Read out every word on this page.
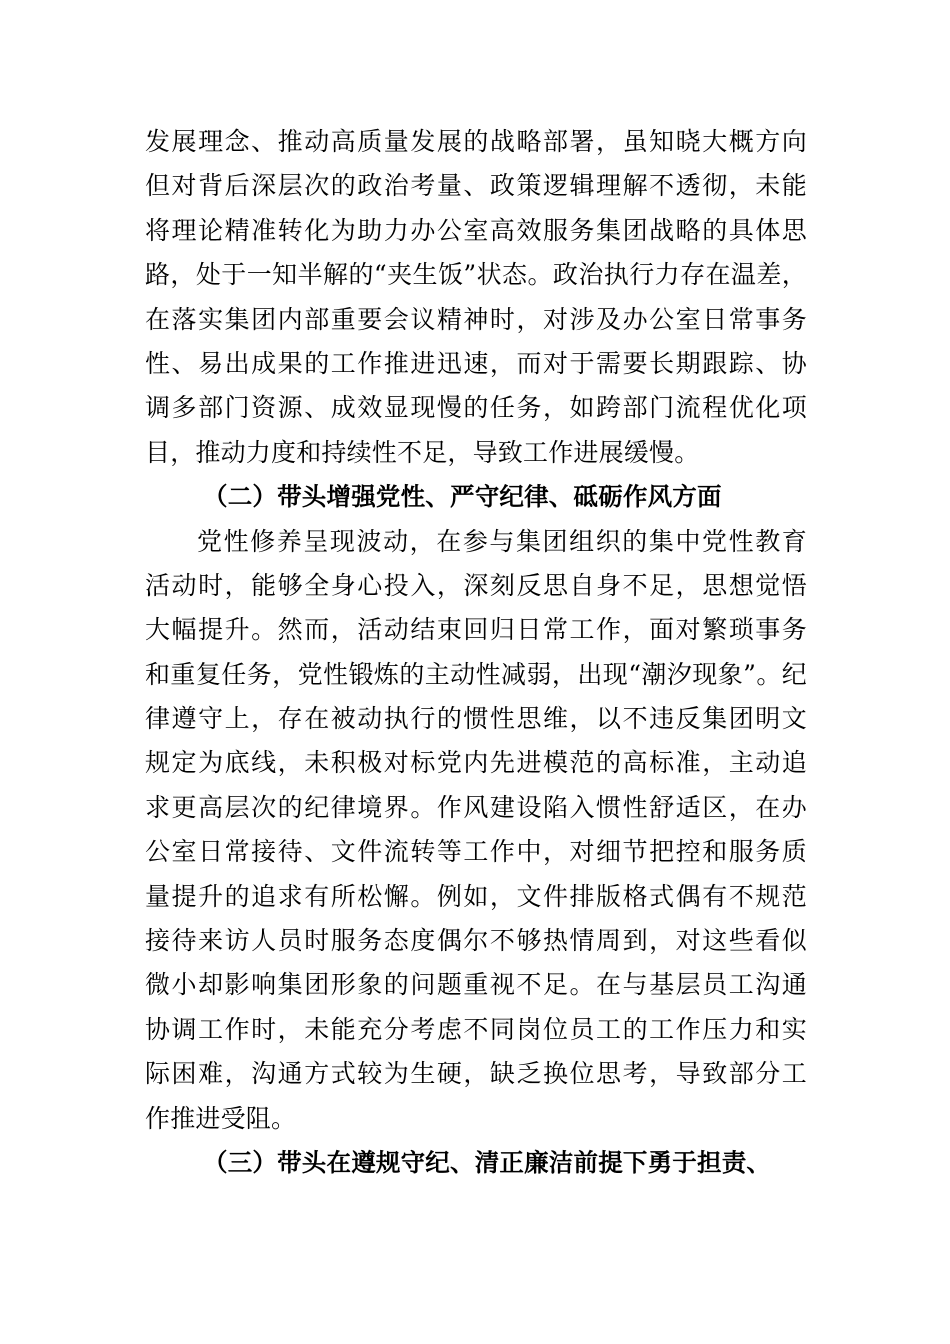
发展理念、推动高质量发展的战略部署，虽知晓大概方向
但对背后深层次的政治考量、政策逻辑理解不透彻，未能
将理论精准转化为助力办公室高效服务集团战略的具体思
路，处于一知半解的“夹生饭”状态。政治执行力存在温差，
在落实集团内部重要会议精神时，对涉及办公室日常事务
性、易出成果的工作推进迅速，而对于需要长期跟踪、协
调多部门资源、成效显现慢的任务，如跨部门流程优化项
目，推动力度和持续性不足，导致工作进展缓慢。
（二）带头增强党性、严守纪律、砥砺作风方面
党性修养呈现波动，在参与集团组织的集中党性教育
活动时，能够全身心投入，深刻反思自身不足，思想觉悟
大幅提升。然而，活动结束回归日常工作，面对繁琐事务
和重复任务，党性锻炼的主动性减弱，出现“潮汐现象”。纪
律遵守上，存在被动执行的惯性思维，以不违反集团明文
规定为底线，未积极对标党内先进模范的高标准，主动追
求更高层次的纪律境界。作风建设陷入惯性舒适区，在办
公室日常接待、文件流转等工作中，对细节把控和服务质
量提升的追求有所松懈。例如，文件排版格式偶有不规范
接待来访人员时服务态度偶尔不够热情周到，对这些看似
微小却影响集团形象的问题重视不足。在与基层员工沟通
协调工作时，未能充分考虑不同岗位员工的工作压力和实
际困难，沟通方式较为生硬，缺乏换位思考，导致部分工
作推进受阻。
（三）带头在遵规守纪、清正廉洁前提下勇于担责、
